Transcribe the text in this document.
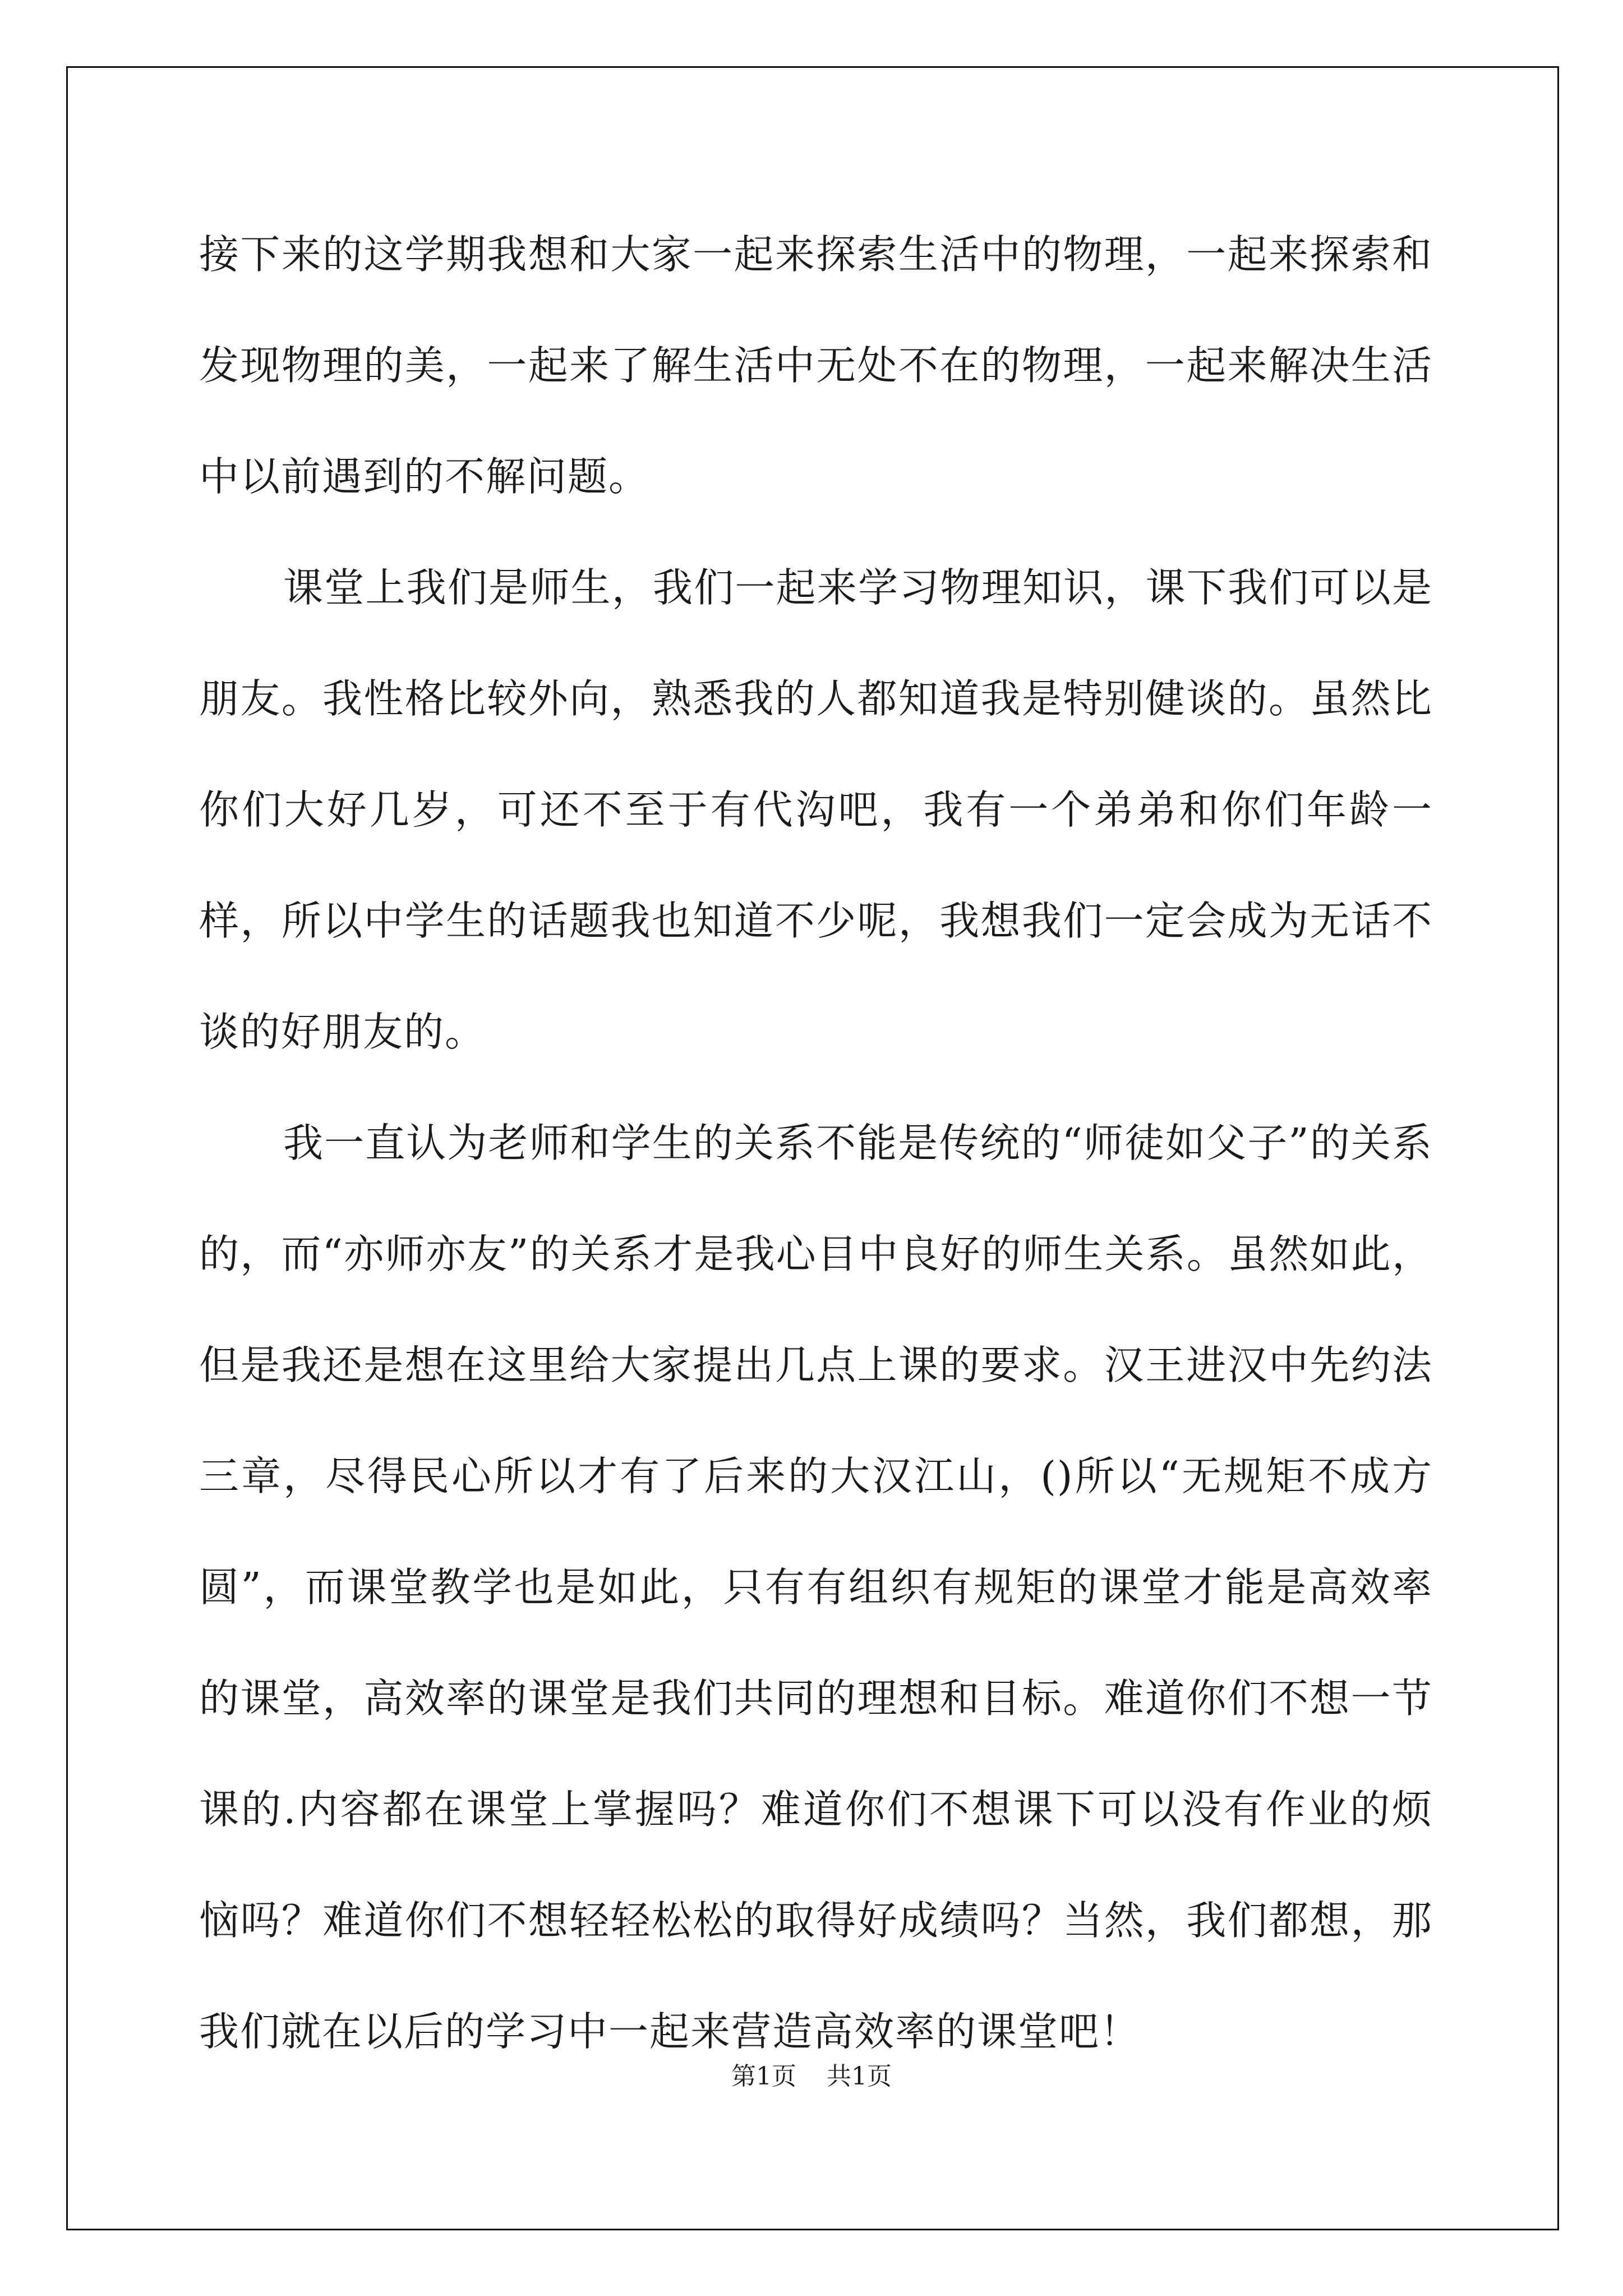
接下来的这学期我想和大家一起来探索生活中的物理，一起来探索和发现物理的美，一起来了解生活中无处不在的物理，一起来解决生活中以前遇到的不解问题。

课堂上我们是师生，我们一起来学习物理知识，课下我们可以是朋友。我性格比较外向，熟悉我的人都知道我是特别健谈的。虽然比你们大好几岁，可还不至于有代沟吧，我有一个弟弟和你们年龄一样，所以中学生的话题我也知道不少呢，我想我们一定会成为无话不谈的好朋友的。

我一直认为老师和学生的关系不能是传统的“师徒如父子”的关系的，而“亦师亦友”的关系才是我心目中良好的师生关系。虽然如此，但是我还是想在这里给大家提出几点上课的要求。汉王进汉中先约法三章，尽得民心所以才有了后来的大汉江山，()所以“无规矩不成方圆”，而课堂教学也是如此，只有有组织有规矩的课堂才能是高效率的课堂，高效率的课堂是我们共同的理想和目标。难道你们不想一节课的.内容都在课堂上掌握吗？难道你们不想课下可以没有作业的烦恼吗？难道你们不想轻轻松松的取得好成绩吗？当然，我们都想，那我们就在以后的学习中一起来营造高效率的课堂吧！

第1页 共1页
